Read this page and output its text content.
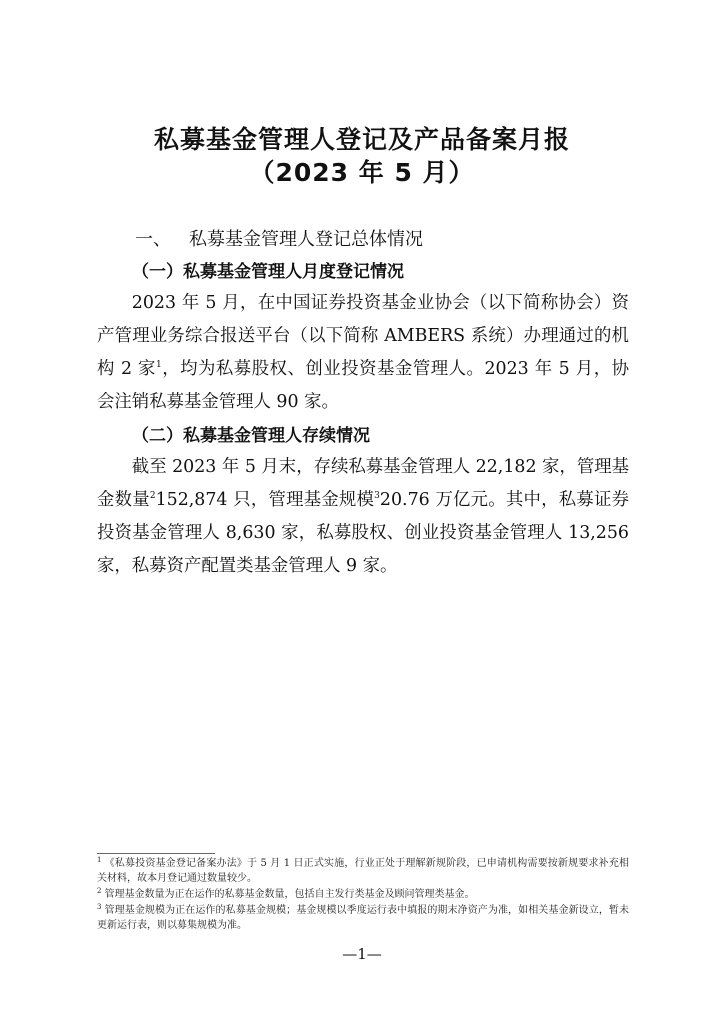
私募基金管理人登记及产品备案月报
（2023 年 5 月）
一、 私募基金管理人登记总体情况
（一）私募基金管理人月度登记情况

2023 年 5 月，在中国证券投资基金业协会（以下简称协会）资产管理业务综合报送平台（以下简称 AMBERS 系统）办理通过的机构 2 家$^1$，均为私募股权、创业投资基金管理人。2023 年 5 月，协会注销私募基金管理人 90 家。

（二）私募基金管理人存续情况

截至 2023 年 5 月末，存续私募基金管理人 22,182 家，管理基金数量$^2$152,874 只，管理基金规模$^3$20.76 万亿元。其中，私募证券投资基金管理人 8,630 家，私募股权、创业投资基金管理人 13,256 家，私募资产配置类基金管理人 9 家。

$^1$ 《私募投资基金登记备案办法》于 5 月 1 日正式实施，行业正处于理解新规阶段，已申请机构需要按新规要求补充相关材料，故本月登记通过数量较少。

$^2$ 管理基金数量为正在运作的私募基金数量，包括自主发行类基金及顾问管理类基金。

$^3$ 管理基金规模为正在运作的私募基金规模；基金规模以季度运行表中填报的期末净资产为准，如相关基金新设立，暂未更新运行表，则以募集规模为准。

—1—
